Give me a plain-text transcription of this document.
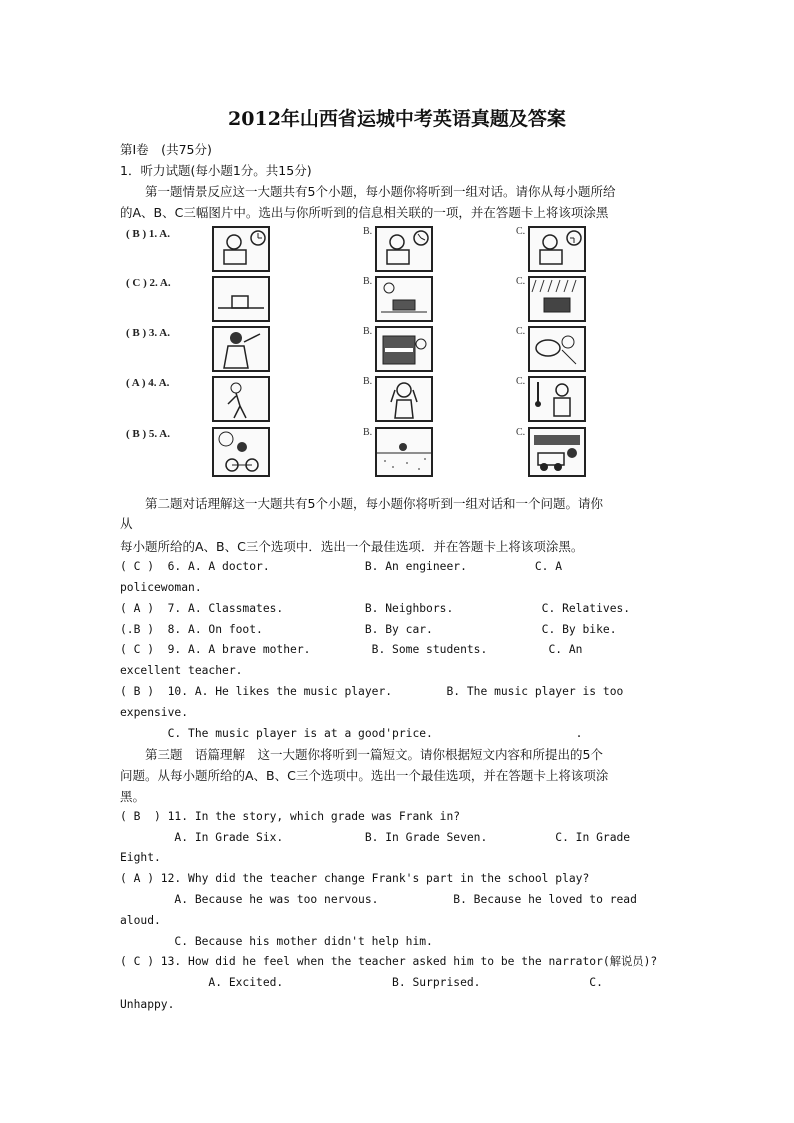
2012年山西省运城中考英语真题及答案
第Ⅰ卷　(共75分)
1．听力试题(每小题1分。共15分)
　　第一题情景反应这一大题共有5个小题，每小题你将听到一组对话。请你从每小题所给
的A、B、C三幅图片中。选出与你所听到的信息相关联的一项，并在答题卡上将该项涂黑
( B ) 1. A.	B.	C.
( C ) 2. A.	B.	C.
( B ) 3. A.	B.	C.
( A ) 4. A.	B.	C.
( B ) 5. A.	B.	C.
　　第二题对话理解这一大题共有5个小题，每小题你将听到一组对话和一个问题。请你
从
每小题所给的A、B、C三个选项中．选出一个最佳选项．并在答题卡上将该项涂黑。
( C )  6. A. A doctor.              B. An engineer.          C. A
policewoman.
( A )  7. A. Classmates.            B. Neighbors.             C. Relatives.
(.B )  8. A. On foot.               B. By car.                C. By bike.
( C )  9. A. A brave mother.         B. Some students.         C. An
excellent teacher.
( B )  10. A. He likes the music player.        B. The music player is too
expensive.
C. The music player is at a good'price.                     .
　　第三题　语篇理解　这一大题你将听到一篇短文。请你根据短文内容和所提出的5个
问题。从每小题所给的A、B、C三个选项中。选出一个最佳选项，并在答题卡上将该项涂
黑。
( B  ) 11. In the story, which grade was Frank in?
A. In Grade Six.            B. In Grade Seven.          C. In Grade
Eight.
( A ) 12. Why did the teacher change Frank's part in the school play?
A. Because he was too nervous.           B. Because he loved to read
aloud.
C. Because his mother didn't help him.
( C ) 13. How did he feel when the teacher asked him to be the narrator(解说员)?
A. Excited.                B. Surprised.                C.
Unhappy.
